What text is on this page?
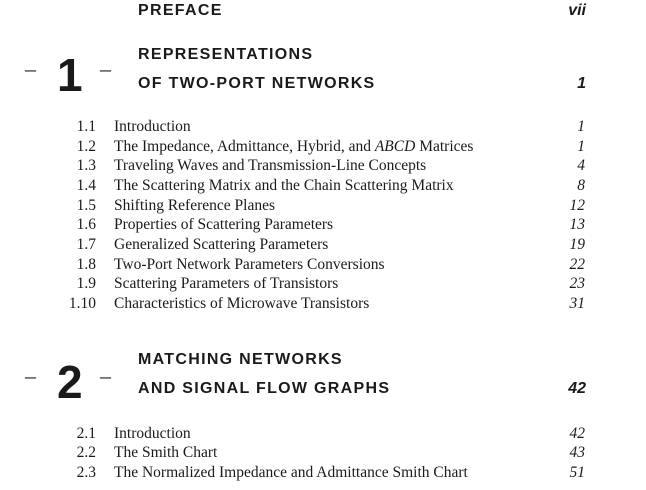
PREFACE	vii
– 1 –
REPRESENTATIONS
OF TWO-PORT NETWORKS	1
1.1 Introduction	1
1.2 The Impedance, Admittance, Hybrid, and ABCD Matrices	1
1.3 Traveling Waves and Transmission-Line Concepts	4
1.4 The Scattering Matrix and the Chain Scattering Matrix	8
1.5 Shifting Reference Planes	12
1.6 Properties of Scattering Parameters	13
1.7 Generalized Scattering Parameters	19
1.8 Two-Port Network Parameters Conversions	22
1.9 Scattering Parameters of Transistors	23
1.10 Characteristics of Microwave Transistors	31
– 2 –
MATCHING NETWORKS
AND SIGNAL FLOW GRAPHS	42
2.1 Introduction	42
2.2 The Smith Chart	43
2.3 The Normalized Impedance and Admittance Smith Chart	51
